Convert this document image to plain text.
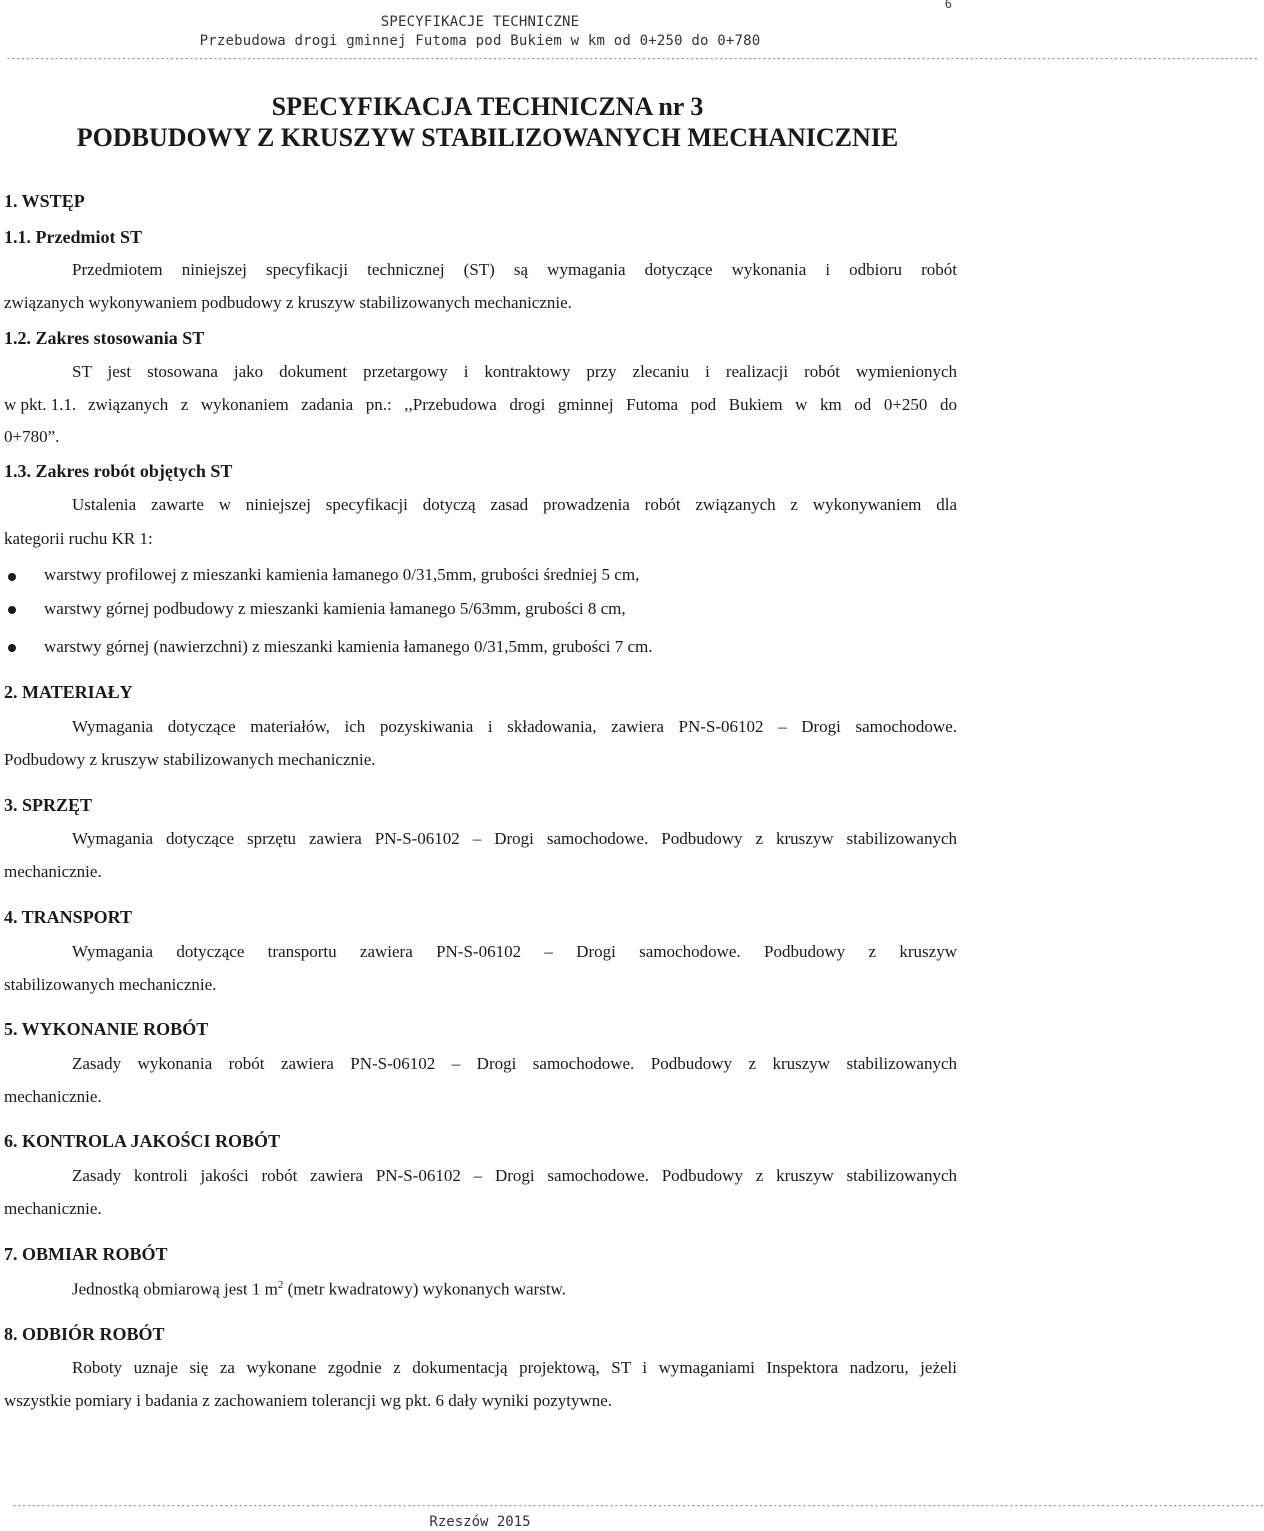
6
SPECYFIKACJE TECHNICZNE
Przebudowa drogi gminnej Futoma pod Bukiem w km od 0+250 do 0+780
--------------------------------------------------------------------------------------------------------------------------------------------------------------------------------------------------------------------------------------------------------------------
SPECYFIKACJA TECHNICZNA nr 3
PODBUDOWY Z KRUSZYW STABILIZOWANYCH MECHANICZNIE
1. WSTĘP
1.1. Przedmiot ST
Przedmiotem niniejszej specyfikacji technicznej (ST) są wymagania dotyczące wykonania i odbioru robót
związanych wykonywaniem podbudowy z kruszyw stabilizowanych mechanicznie.
1.2. Zakres stosowania ST
ST jest stosowana jako dokument przetargowy i kontraktowy przy zlecaniu i realizacji robót wymienionych
w pkt. 1.1. związanych z wykonaniem zadania pn.: ,,Przebudowa drogi gminnej Futoma pod Bukiem w km od 0+250 do
0+780”.
1.3. Zakres robót objętych ST
Ustalenia zawarte w niniejszej specyfikacji dotyczą zasad prowadzenia robót związanych z wykonywaniem dla
kategorii ruchu KR 1:
warstwy profilowej z mieszanki kamienia łamanego 0/31,5mm, grubości średniej 5 cm,
warstwy górnej podbudowy z mieszanki kamienia łamanego 5/63mm, grubości 8 cm,
warstwy górnej (nawierzchni) z mieszanki kamienia łamanego 0/31,5mm, grubości 7 cm.
2. MATERIAŁY
Wymagania dotyczące materiałów, ich pozyskiwania i składowania, zawiera PN-S-06102 – Drogi samochodowe.
Podbudowy z kruszyw stabilizowanych mechanicznie.
3. SPRZĘT
Wymagania dotyczące sprzętu zawiera PN-S-06102 – Drogi samochodowe. Podbudowy z kruszyw stabilizowanych
mechanicznie.
4. TRANSPORT
Wymagania dotyczące transportu zawiera PN-S-06102 – Drogi samochodowe. Podbudowy z kruszyw
stabilizowanych mechanicznie.
5. WYKONANIE ROBÓT
Zasady wykonania robót zawiera PN-S-06102 – Drogi samochodowe. Podbudowy z kruszyw stabilizowanych
mechanicznie.
6. KONTROLA JAKOŚCI ROBÓT
Zasady kontroli jakości robót zawiera PN-S-06102 – Drogi samochodowe. Podbudowy z kruszyw stabilizowanych
mechanicznie.
7. OBMIAR ROBÓT
Jednostką obmiarową jest 1 $m^2$ (metr kwadratowy) wykonanych warstw.
8. ODBIÓR ROBÓT
Roboty uznaje się za wykonane zgodnie z dokumentacją projektową, ST i wymaganiami Inspektora nadzoru, jeżeli
wszystkie pomiary i badania z zachowaniem tolerancji wg pkt. 6 dały wyniki pozytywne.
--------------------------------------------------------------------------------------------------------------------------------------------------------------------------------------------------------------------------------------------------------------------
Rzeszów 2015
